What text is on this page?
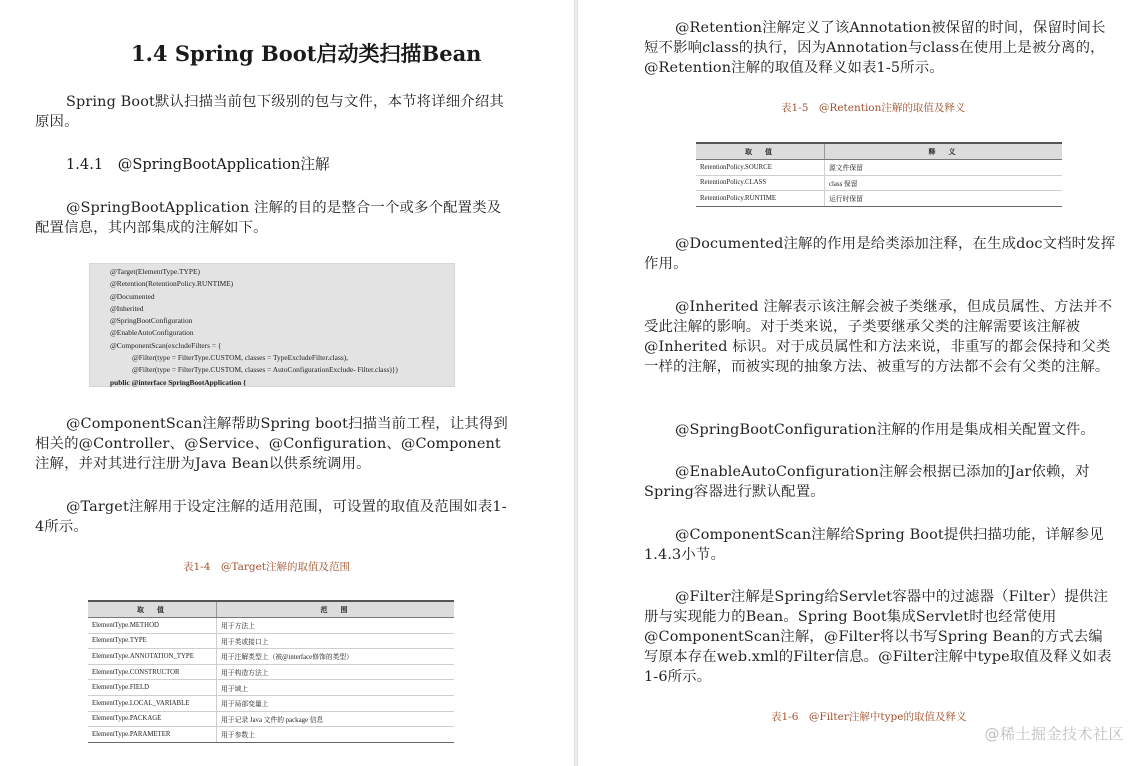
1.4 Spring Boot启动类扫描Bean

Spring Boot默认扫描当前包下级别的包与文件，本节将详细介绍其原因。

1.4.1　@SpringBootApplication注解

@SpringBootApplication 注解的目的是整合一个或多个配置类及配置信息，其内部集成的注解如下。

@Target(ElementType.TYPE)
@Retention(RetentionPolicy.RUNTIME)
@Documented
@Inherited
@SpringBootConfiguration
@EnableAutoConfiguration
@ComponentScan(excludeFilters = {
@Filter(type = FilterType.CUSTOM, classes = TypeExcludeFilter.class),
@Filter(type = FilterType.CUSTOM, classes = AutoConfigurationExclude- Filter.class)})
public @interface SpringBootApplication {

@ComponentScan注解帮助Spring boot扫描当前工程，让其得到相关的@Controller、@Service、@Configuration、@Component注解，并对其进行注册为Java Bean以供系统调用。

@Target注解用于设定注解的适用范围，可设置的取值及范围如表1-4所示。

表1-4　@Target注解的取值及范围

取　值	范　围
ElementType.METHOD	用于方法上
ElementType.TYPE	用于类或接口上
ElementType.ANNOTATION_TYPE	用于注解类型上（被@interface修饰的类型）
ElementType.CONSTRUCTOR	用于构造方法上
ElementType.FIELD	用于域上
ElementType.LOCAL_VARIABLE	用于局部变量上
ElementType.PACKAGE	用于记录 Java 文件的 package 信息
ElementType.PARAMETER	用于参数上

@Retention注解定义了该Annotation被保留的时间，保留时间长短不影响class的执行，因为Annotation与class在使用上是被分离的，@Retention注解的取值及释义如表1-5所示。

表1-5　@Retention注解的取值及释义

取　值	释　义
RetentionPolicy.SOURCE	源文件保留
RetentionPolicy.CLASS	class 保留
RetentionPolicy.RUNTIME	运行时保留

@Documented注解的作用是给类添加注释，在生成doc文档时发挥作用。

@Inherited 注解表示该注解会被子类继承，但成员属性、方法并不受此注解的影响。对于类来说，子类要继承父类的注解需要该注解被@Inherited 标识。对于成员属性和方法来说，非重写的都会保持和父类一样的注解，而被实现的抽象方法、被重写的方法都不会有父类的注解。

@SpringBootConfiguration注解的作用是集成相关配置文件。

@EnableAutoConfiguration注解会根据已添加的Jar依赖，对Spring容器进行默认配置。

@ComponentScan注解给Spring Boot提供扫描功能，详解参见1.4.3小节。

@Filter注解是Spring给Servlet容器中的过滤器（Filter）提供注册与实现能力的Bean。Spring Boot集成Servlet时也经常使用@ComponentScan注解，@Filter将以书写Spring Bean的方式去编写原本存在web.xml的Filter信息。@Filter注解中type取值及释义如表1-6所示。

表1-6　@Filter注解中type的取值及释义

@稀土掘金技术社区
